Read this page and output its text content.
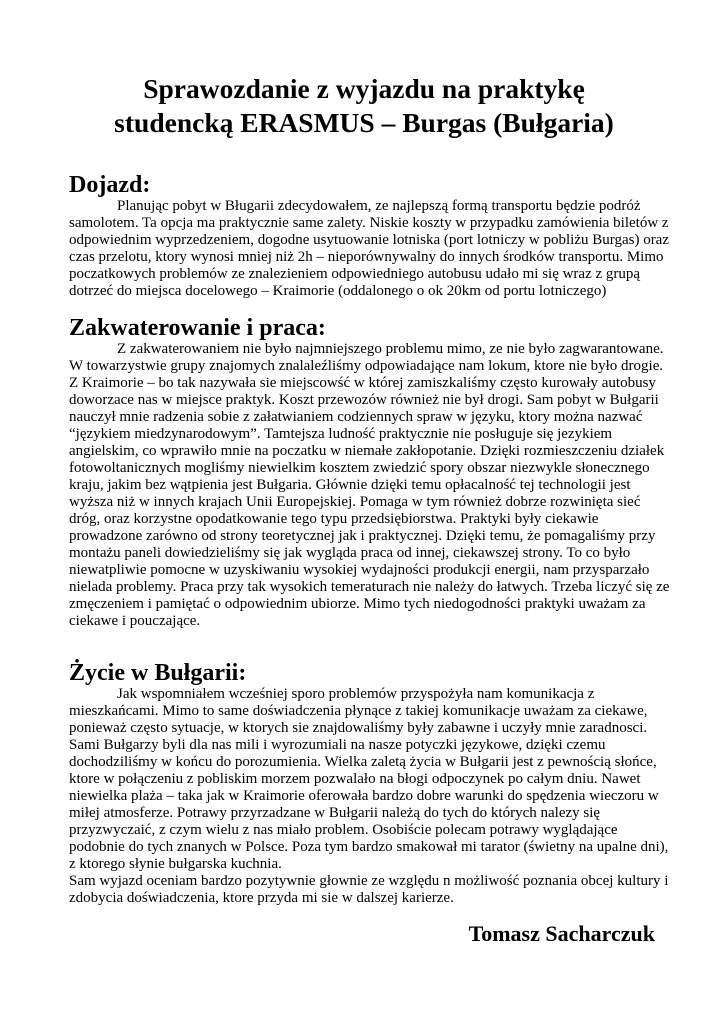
Sprawozdanie z wyjazdu na praktykę
studencką ERASMUS – Burgas (Bułgaria)
Dojazd:

Planując pobyt w Bługarii zdecydowałem, ze najlepszą formą transportu będzie podróż
samolotem. Ta opcja ma praktycznie same zalety. Niskie koszty w przypadku zamówienia biletów z
odpowiednim wyprzedzeniem, dogodne usytuowanie lotniska (port lotniczy w pobliżu Burgas) oraz
czas przelotu, ktory wynosi mniej niż 2h – nieporównywalny do innych środków transportu. Mimo
poczatkowych problemów ze znalezieniem odpowiedniego autobusu udało mi się wraz z grupą
dotrzeć do miejsca docelowego – Kraimorie (oddalonego o ok 20km od portu lotniczego)

Zakwaterowanie i praca:

Z zakwaterowaniem nie było najmniejszego problemu mimo, ze nie było zagwarantowane.
W towarzystwie grupy znajomych znalaleźliśmy odpowiadające nam lokum, ktore nie było drogie.
Z Kraimorie – bo tak nazywała sie miejscowść w której zamiszkaliśmy często kurowały autobusy
doworzace nas w miejsce praktyk. Koszt przewozów również nie był drogi. Sam pobyt w Bułgarii
nauczył mnie radzenia sobie z załatwianiem codziennych spraw w języku, ktory można nazwać
“językiem miedzynarodowym”. Tamtejsza ludność praktycznie nie posługuje się jezykiem
angielskim, co wprawiło mnie na poczatku w niemałe zakłopotanie. Dzięki rozmieszczeniu działek
fotowoltanicznych mogliśmy niewielkim kosztem zwiedzić spory obszar niezwykle słonecznego
kraju, jakim bez wątpienia jest Bułgaria. Głównie dzięki temu opłacalność tej technologii jest
wyższa niż w innych krajach Unii Europejskiej. Pomaga w tym również dobrze rozwinięta sieć
dróg, oraz korzystne opodatkowanie tego typu przedsiębiorstwa. Praktyki były ciekawie
prowadzone zarówno od strony teoretycznej jak i praktycznej. Dzięki temu, że pomagaliśmy przy
montażu paneli dowiedzieliśmy się jak wygląda praca od innej, ciekawszej strony. To co było
niewatpliwie pomocne w uzyskiwaniu wysokiej wydajności produkcji energii, nam przysparzało
nielada problemy. Praca przy tak wysokich temeraturach nie należy do łatwych. Trzeba liczyć się ze
zmęczeniem i pamiętać o odpowiednim ubiorze. Mimo tych niedogodności praktyki uważam za
ciekawe i pouczające.

Życie w Bułgarii:

Jak wspomniałem wcześniej sporo problemów przyspożyła nam komunikacja z
mieszkańcami. Mimo to same doświadczenia płynące z takiej komunikacje uważam za ciekawe,
ponieważ często sytuacje, w ktorych sie znajdowaliśmy były zabawne i uczyły mnie zaradnosci.
Sami Bułgarzy byli dla nas mili i wyrozumiali na nasze potyczki językowe, dzięki czemu
dochodziliśmy w końcu do porozumienia. Wielka zaletą życia w Bułgarii jest z pewnością słońce,
ktore w połączeniu z pobliskim morzem pozwalało na błogi odpoczynek po całym dniu. Nawet
niewielka plaża – taka jak w Kraimorie oferowała bardzo dobre warunki do spędzenia wieczoru w
miłej atmosferze. Potrawy przyrzadzane w Bułgarii należą do tych do których nalezy się
przyzwyczaić, z czym wielu z nas miało problem. Osobiście polecam potrawy wyglądające
podobnie do tych znanych w Polsce. Poza tym bardzo smakował mi tarator (świetny na upalne dni),
z ktorego słynie bułgarska kuchnia.
Sam wyjazd oceniam bardzo pozytywnie głownie ze względu n możliwość poznania obcej kultury i
zdobycia doświadczenia, ktore przyda mi sie w dalszej karierze.

Tomasz Sacharczuk
